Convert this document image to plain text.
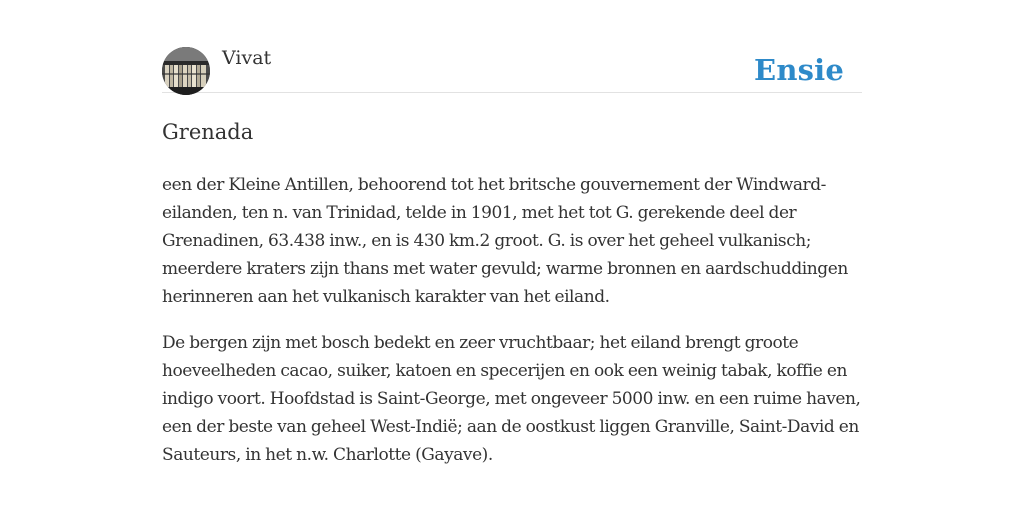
Vivat	Ensie
Grenada

een der Kleine Antillen, behoorend tot het britsche gouvernement der Windward-eilanden, ten n. van Trinidad, telde in 1901, met het tot G. gerekende deel der Grenadinen, 63.438 inw., en is 430 km.2 groot. G. is over het geheel vulkanisch; meerdere kraters zijn thans met water gevuld; warme bronnen en aardschuddingen herinneren aan het vulkanisch karakter van het eiland.

De bergen zijn met bosch bedekt en zeer vruchtbaar; het eiland brengt groote hoeveelheden cacao, suiker, katoen en specerijen en ook een weinig tabak, koffie en indigo voort. Hoofdstad is Saint-George, met ongeveer 5000 inw. en een ruime haven, een der beste van geheel West-Indië; aan de oostkust liggen Granville, Saint-David en Sauteurs, in het n.w. Charlotte (Gayave).
